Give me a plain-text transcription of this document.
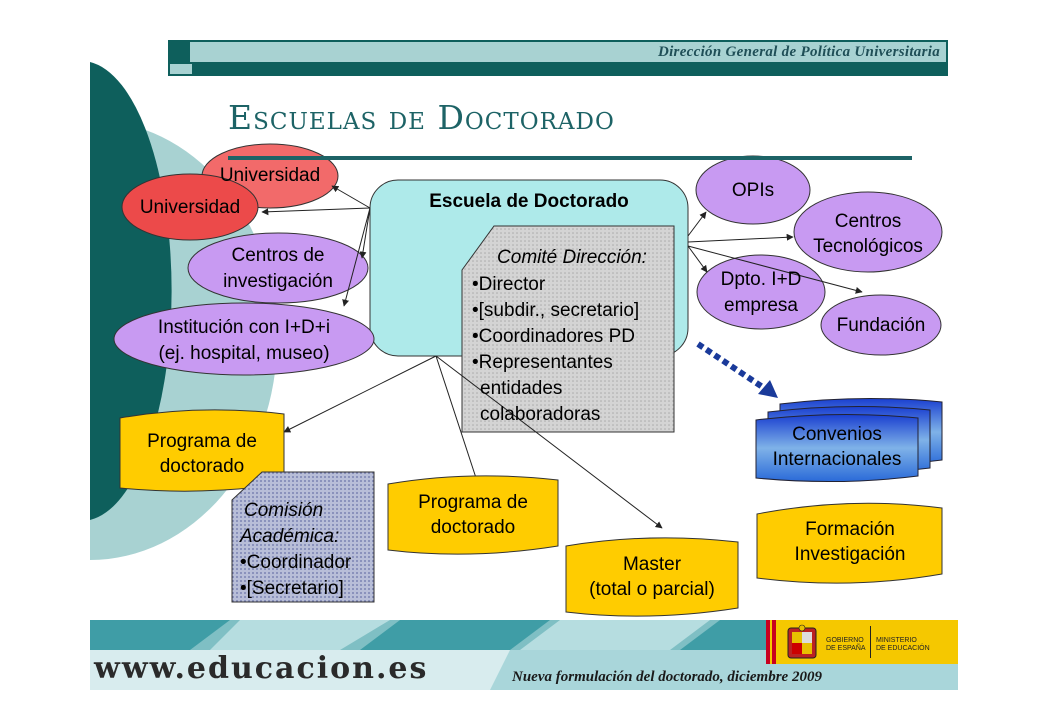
Dirección General de Política Universitaria
Escuelas de Doctorado
Escuela de Doctorado
Comité Dirección:
•Director
•[subdir., secretario]
•Coordinadores PD
•Representantes
entidades
colaboradoras
Universidad
Universidad
Centros de
investigación
Institución con I+D+i
(ej. hospital, museo)
OPIs
Centros
Tecnológicos
Dpto. I+D
empresa
Fundación
Programa de
doctorado
Comisión
Académica:
•Coordinador
•[Secretario]
Programa de
doctorado
Master
(total o parcial)
Convenios
Internacionales
Formación
Investigación
GOBIERNO
DE ESPAÑA
MINISTERIO
DE EDUCACIÓN
www.educacion.es	Nueva formulación del doctorado, diciembre 2009
